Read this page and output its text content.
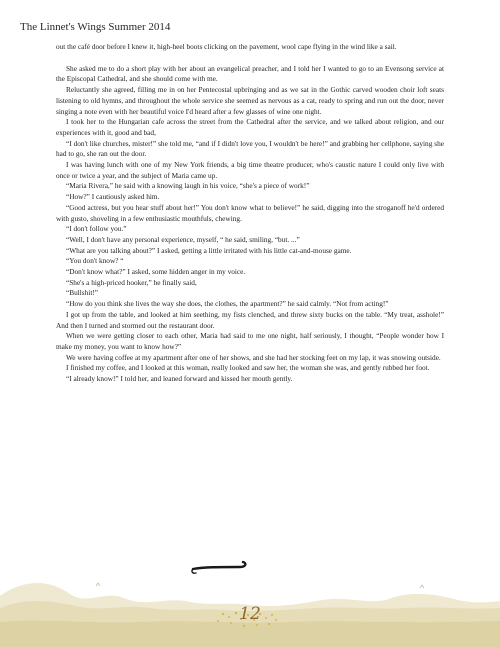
The Linnet's Wings Summer 2014

out the café door before I knew it, high-heel boots clicking on the pavement, wool cape flying in the wind like a sail.

She asked me to do a short play with her about an evangelical preacher, and I told her I wanted to go to an Evensong service at the Episcopal Cathedral, and she should come with me.

Reluctantly she agreed, filling me in on her Pentecostal upbringing and as we sat in the Gothic carved wooden choir loft seats listening to old hymns, and throughout the whole service she seemed as nervous as a cat, ready to spring and run out the door, never singing a note even with her beautiful voice I'd heard after a few glasses of wine one night.

I took her to the Hungarian cafe across the street from the Cathedral after the service, and we talked about religion, and our experiences with it, good and bad,

“I don't like churches, mister!” she told me, “and if I didn't love you, I wouldn't be here!” and grabbing her cellphone, saying she had to go, she ran out the door.

I was having lunch with one of my New York friends, a big time theatre producer, who's caustic nature I could only live with once or twice a year, and the subject of Maria came up.

“Maria Rivera,” he said with a knowing laugh in his voice, “she's a piece of work!”

“How?” I cautiously asked him.

“Good actress, but you hear stuff about her!” You don't know what to believe!” he said, digging into the stroganoff he'd ordered with gusto, shoveling in a few enthusiastic mouthfuls, chewing.

“I don't follow you.”

“Well, I don't have any personal experience, myself, “ he said, smiling, “but. ...”

“What are you talking about?” I asked, getting a little irritated with his little cat-and-mouse game.

“You don't know? “

“Don't know what?” I asked, some hidden anger in my voice.

“She's a high-priced hooker,” he finally said,

“Bullshit!”

“How do you think she lives the way she does, the clothes, the apartment?” he said calmly. “Not from acting!”

I got up from the table, and looked at him seething, my fists clenched, and threw sixty bucks on the table. “My treat, asshole!” And then I turned and stormed out the restaurant door.

When we were getting closer to each other, Maria had said to me one night, half seriously, I thought, “People wonder how I make my money, you want to know how?”

We were having coffee at my apartment after one of her shows, and she had her stocking feet on my lap, it was snowing outside.

I finished my coffee, and I looked at this woman, really looked and saw her, the woman she was, and gently rubbed her foot.

“I already know!” I told her, and leaned forward and kissed her mouth gently.

12
